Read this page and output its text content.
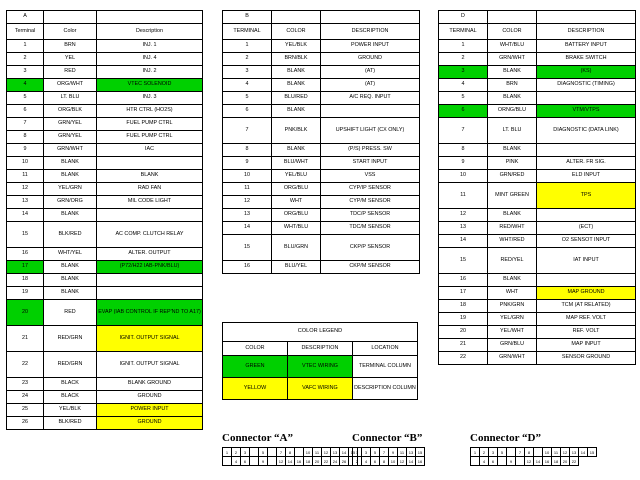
A		
Terminal	Color	Description
1	BRN	INJ. 1
2	YEL	INJ. 4
3	RED	INJ. 2
4	ORG/WHT	VTEC SOLENOID
5	LT. BLU	INJ. 3
6	ORG/BLK	HTR CTRL (HO2S)
7	GRN/YEL	FUEL PUMP CTRL
8	GRN/YEL	FUEL PUMP CTRL
9	GRN/WHT	IAC
10	BLANK	
11	BLANK	BLANK
12	YEL/GRN	RAD FAN
13	GRN/ORG	MIL CODE LIGHT
14	BLANK	
15	BLK/RED	AC COMP. CLUTCH RELAY
16	WHT/YEL	ALTER. OUTPUT
17	BLANK	(P72/H22 IAB-PNK/BLU)
18	BLANK	
19	BLANK	
20	RED	EVAP (IAB CONTROL IF REP'ND TO A17)
21	RED/GRN	IGNIT. OUTPUT SIGNAL
22	RED/GRN	IGNIT. OUTPUT SIGNAL
23	BLACK	BLANK GROUND
24	BLACK	GROUND
25	YEL/BLK	POWER INPUT
26	BLK/RED	GROUND
B		
TERMINAL	COLOR	DESCRIPTION
1	YEL/BLK	POWER INPUT
2	BRN/BLK	GROUND
3	BLANK	(AT)
4	BLANK	(AT)
5	BLU/RED	A/C REQ. INPUT
6	BLANK	
7	PNK/BLK	UPSHIFT LIGHT (CX ONLY)
8	BLANK	(P/S) PRESS. SW
9	BLU/WHT	START INPUT
10	YEL/BLU	VSS
11	ORG/BLU	CYP/IP SENSOR
12	WHT	CYP/M SENSOR
13	ORG/BLU	TDC/P SENSOR
14	WHT/BLU	TDC/M SENSOR
15	BLU/GRN	CKP/P SENSOR
16	BLU/YEL	CKP/M SENSOR
D		
TERMINAL	COLOR	DESCRIPTION
1	WHT/BLU	BATTERY INPUT
2	GRN/WHT	BRAKE SWITCH
3	BLANK	(KS)
4	BRN	DIAGNOSTIC (TIMING)
5	BLANK	
6	ORNG/BLU	VTM/VTPS
7	LT. BLU	DIAGNOSTIC (DATA LINK)
8	BLANK	
9	PINK	ALTER. FR SIG.
10	GRN/RED	ELD INPUT
11	MINT GREEN	TPS
12	BLANK	
13	RED/WHT	(ECT)
14	WHT/RED	O2 SENSOT INPUT
15	RED/YEL	IAT INPUT
16	BLANK	
17	WHT	MAP GROUND
18	PNK/GRN	TCM (AT RELATED)
19	YEL/GRN	MAP REF. VOLT
20	YEL/WHT	REF. VOLT
21	GRN/BLU	MAP INPUT
22	GRN/WHT	SENSOR GROUND
COLOR LEGEND		
COLOR	DESCRIPTION	LOCATION
GREEN	VTEC WIRING	TERMINAL COLUMN
YELLOW	VAFC WIRING	DESCRIPTION COLUMN
Connector “A”
1	2	3		5		7	8		10	11	12	13	14	15
	4	6		9		12	14	16	18	20	22	24	26	
Connector “B”
1	3	5	7	9	11	13	15
2	4	6	8	10	12	14	16
Connector “D”
1	2	3	5		7	8		10	11	12	13	14	15
	4	6		9		12	14	16	18	20	22		
